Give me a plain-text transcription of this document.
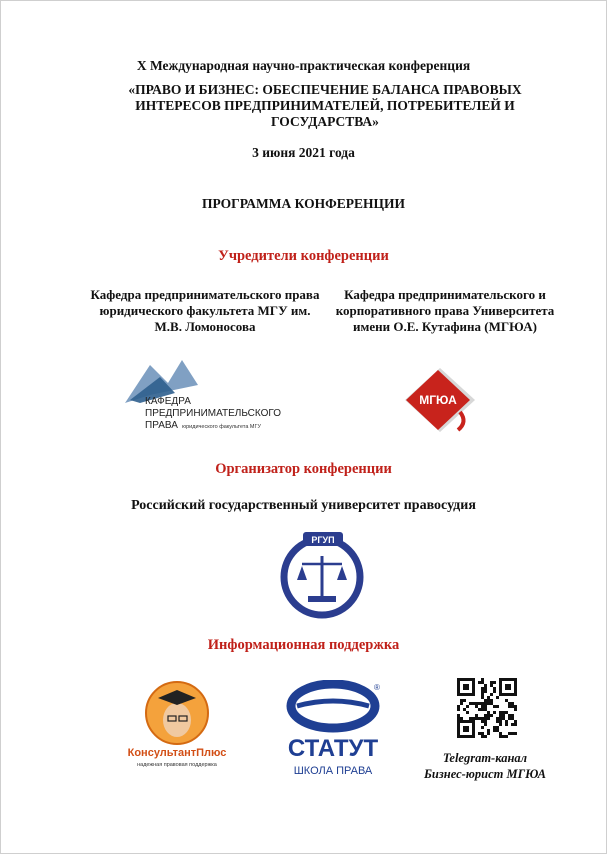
X Международная научно-практическая конференция
«ПРАВО И БИЗНЕС: ОБЕСПЕЧЕНИЕ БАЛАНСА ПРАВОВЫХ ИНТЕРЕСОВ ПРЕДПРИНИМАТЕЛЕЙ, ПОТРЕБИТЕЛЕЙ И ГОСУДАРСТВА»
3 июня 2021 года
ПРОГРАММА КОНФЕРЕНЦИИ
Учредители конференции
Кафедра предпринимательского права юридического факультета МГУ им. М.В. Ломоносова
Кафедра предпринимательского и корпоративного права Университета имени О.Е. Кутафина (МГЮА)
КАФЕДРА
ПРЕДПРИНИМАТЕЛЬСКОГО
ПРАВА юридического факультета МГУ
МГЮА
Организатор конференции
Российский государственный университет правосудия
РГУП
Информационная поддержка
КонсультантПлюс
надежная правовая поддержка
®
СТАТУТ
ШКОЛА ПРАВА
Telegram-канал
Бизнес-юрист МГЮА
